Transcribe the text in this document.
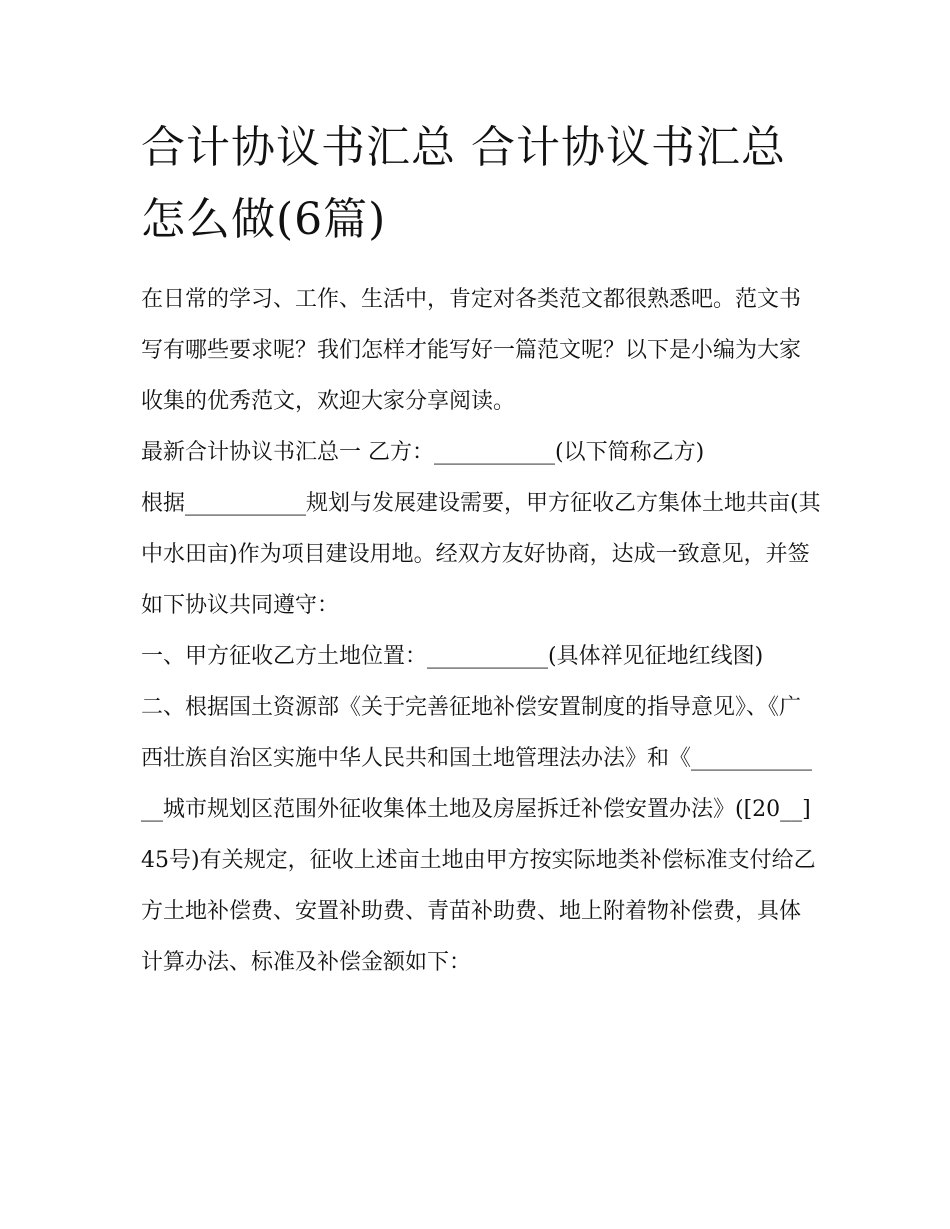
合计协议书汇总 合计协议书汇总怎么做(6篇)

在日常的学习、工作、生活中，肯定对各类范文都很熟悉吧。范文书写有哪些要求呢？我们怎样才能写好一篇范文呢？以下是小编为大家收集的优秀范文，欢迎大家分享阅读。

最新合计协议书汇总一 乙方：___________(以下简称乙方)

根据___________规划与发展建设需要，甲方征收乙方集体土地共亩(其中水田亩)作为项目建设用地。经双方友好协商，达成一致意见，并签如下协议共同遵守：

一、甲方征收乙方土地位置：___________(具体祥见征地红线图)

二、根据国土资源部《关于完善征地补偿安置制度的指导意见》、《广西壮族自治区实施中华人民共和国土地管理法办法》和《_____________城市规划区范围外征收集体土地及房屋拆迁补偿安置办法》([20__]45号)有关规定，征收上述亩土地由甲方按实际地类补偿标准支付给乙方土地补偿费、安置补助费、青苗补助费、地上附着物补偿费，具体计算办法、标准及补偿金额如下：
